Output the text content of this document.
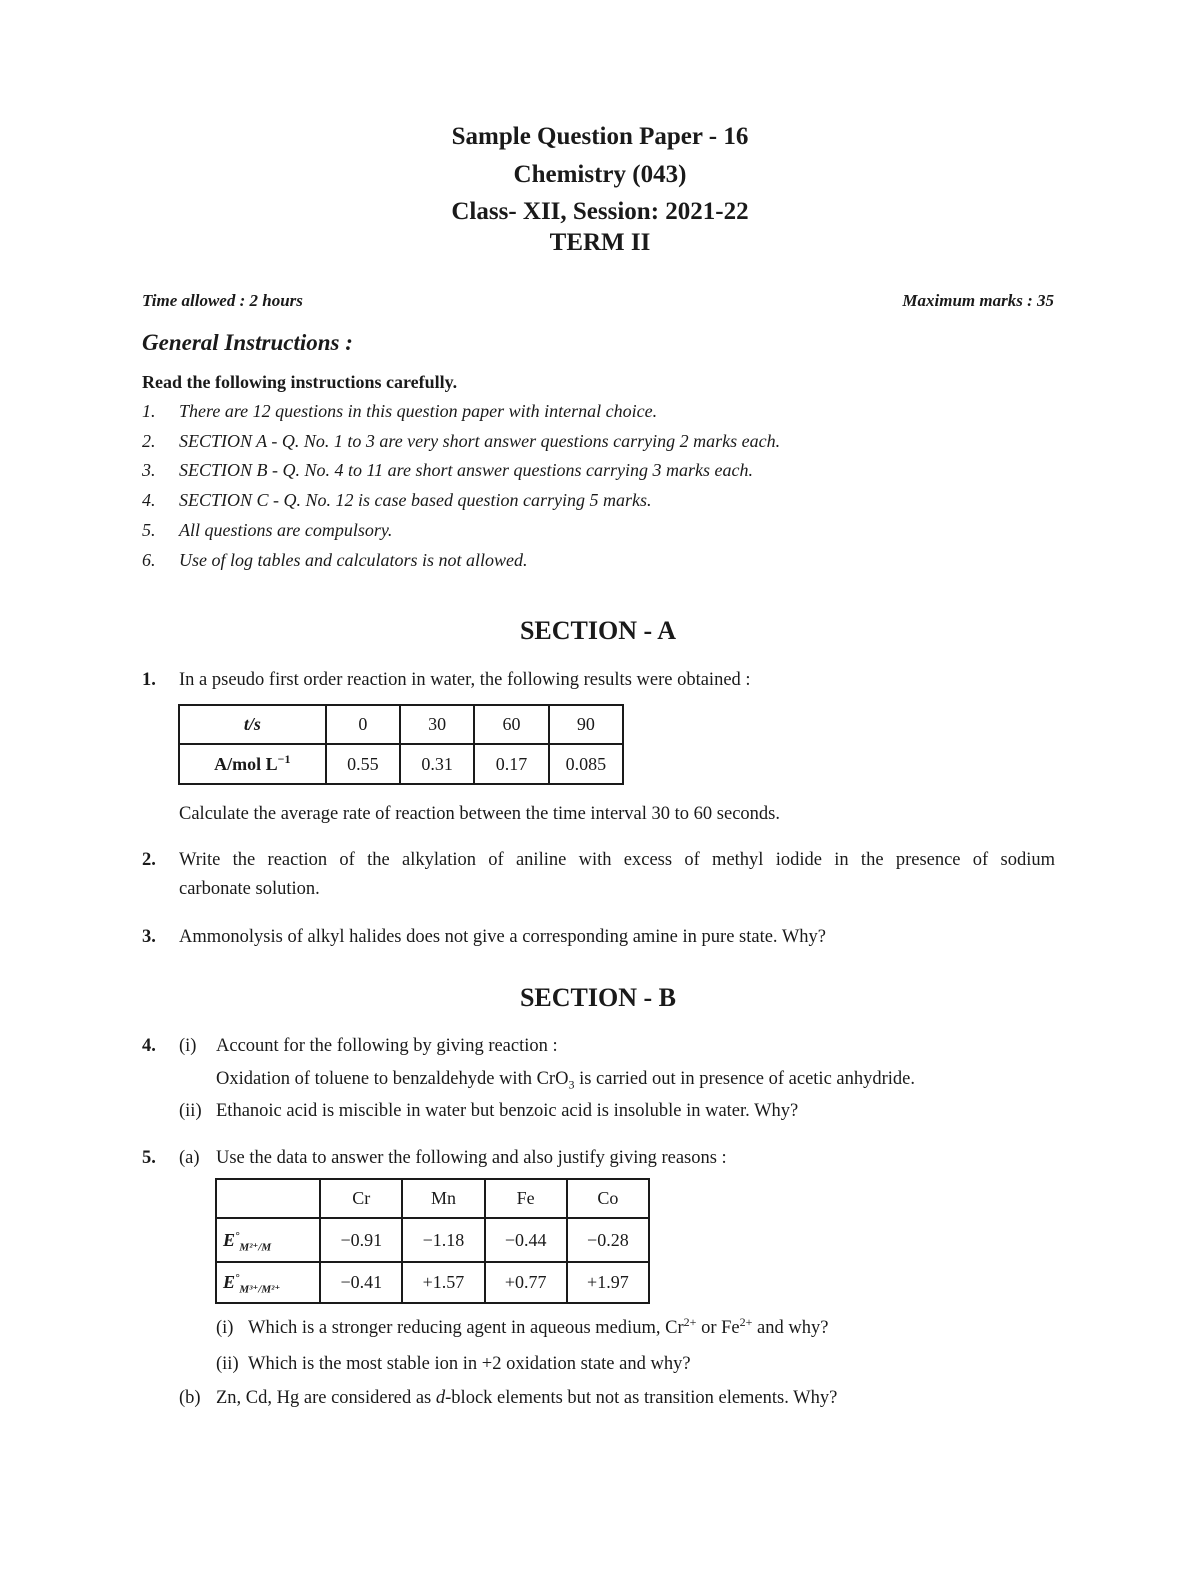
Sample Question Paper - 16
Chemistry (043)
Class- XII, Session: 2021-22
TERM II
Time allowed : 2 hours	Maximum marks : 35
General Instructions :
Read the following instructions carefully.
1. There are 12 questions in this question paper with internal choice.
2. SECTION A - Q. No. 1 to 3 are very short answer questions carrying 2 marks each.
3. SECTION B - Q. No. 4 to 11 are short answer questions carrying 3 marks each.
4. SECTION C - Q. No. 12 is case based question carrying 5 marks.
5. All questions are compulsory.
6. Use of log tables and calculators is not allowed.
SECTION - A
1. In a pseudo first order reaction in water, the following results were obtained :
t/s	0	30	60	90
A/mol $L^{-1}$	0.55	0.31	0.17	0.085
Calculate the average rate of reaction between the time interval 30 to 60 seconds.
2. Write the reaction of the alkylation of aniline with excess of methyl iodide in the presence of sodium
carbonate solution.
3. Ammonolysis of alkyl halides does not give a corresponding amine in pure state. Why?
SECTION - B
4. (i) Account for the following by giving reaction :
Oxidation of toluene to benzaldehyde with CrO$_3$ is carried out in presence of acetic anhydride.
(ii) Ethanoic acid is miscible in water but benzoic acid is insoluble in water. Why?
5. (a) Use the data to answer the following and also justify giving reasons :
	Cr	Mn	Fe	Co
$E^\circ_{M^{2+}/M}$	−0.91	−1.18	−0.44	−0.28
$E^\circ_{M^{3+}/M^{2+}}$	−0.41	+1.57	+0.77	+1.97
(i) Which is a stronger reducing agent in aqueous medium, $Cr^{2+}$ or $Fe^{2+}$ and why?
(ii) Which is the most stable ion in +2 oxidation state and why?
(b) Zn, Cd, Hg are considered as d-block elements but not as transition elements. Why?
